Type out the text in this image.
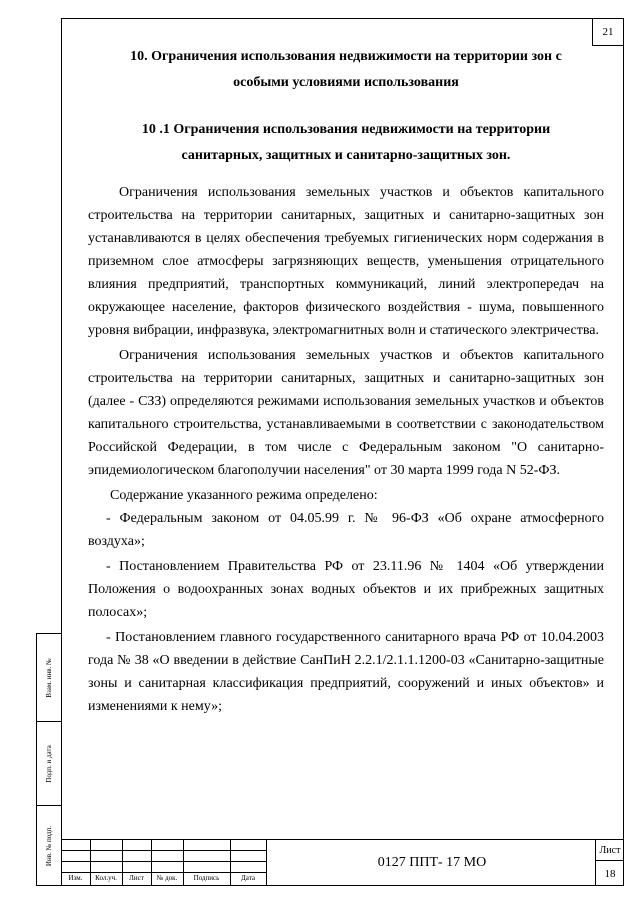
21
Взам. инв. №
Подп. и дата
Инв. № подп.

10. Ограничения использования недвижимости на территории зон с

особыми условиями использования

10 .1 Ограничения использования недвижимости на территории

санитарных, защитных и санитарно-защитных зон.

Ограничения использования земельных участков и объектов капитального строительства на территории санитарных, защитных и санитарно-защитных зон устанавливаются в целях обеспечения требуемых гигиенических норм содержания в приземном слое атмосферы загрязняющих веществ, уменьшения отрицательного влияния предприятий, транспортных коммуникаций, линий электропередач на окружающее население, факторов физического воздействия - шума, повышенного уровня вибрации, инфразвука, электромагнитных волн и статического электричества.

Ограничения использования земельных участков и объектов капитального строительства на территории санитарных, защитных и санитарно-защитных зон (далее - СЗЗ) определяются режимами использования земельных участков и объектов капитального строительства, устанавливаемыми в соответствии с законодательством Российской Федерации, в том числе с Федеральным законом "О санитарно-эпидемиологическом благополучии населения" от 30 марта 1999 года N 52-ФЗ.

Содержание указанного режима определено:

- Федеральным законом от 04.05.99 г. № 96-ФЗ «Об охране атмосферного воздуха»;

- Постановлением Правительства РФ от 23.11.96 № 1404 «Об утверждении Положения о водоохранных зонах водных объектов и их прибрежных защитных полосах»;

- Постановлением главного государственного санитарного врача РФ от 10.04.2003 года № 38 «О введении в действие СанПиН 2.2.1/2.1.1.1200-03 «Санитарно-защитные зоны и санитарная классификация предприятий, сооружений и иных объектов» и изменениями к нему»;

Изм.	Кол.уч.	Лист	№ док.	Подпись	Дата
0127 ППТ- 17 МО
Лист
18
